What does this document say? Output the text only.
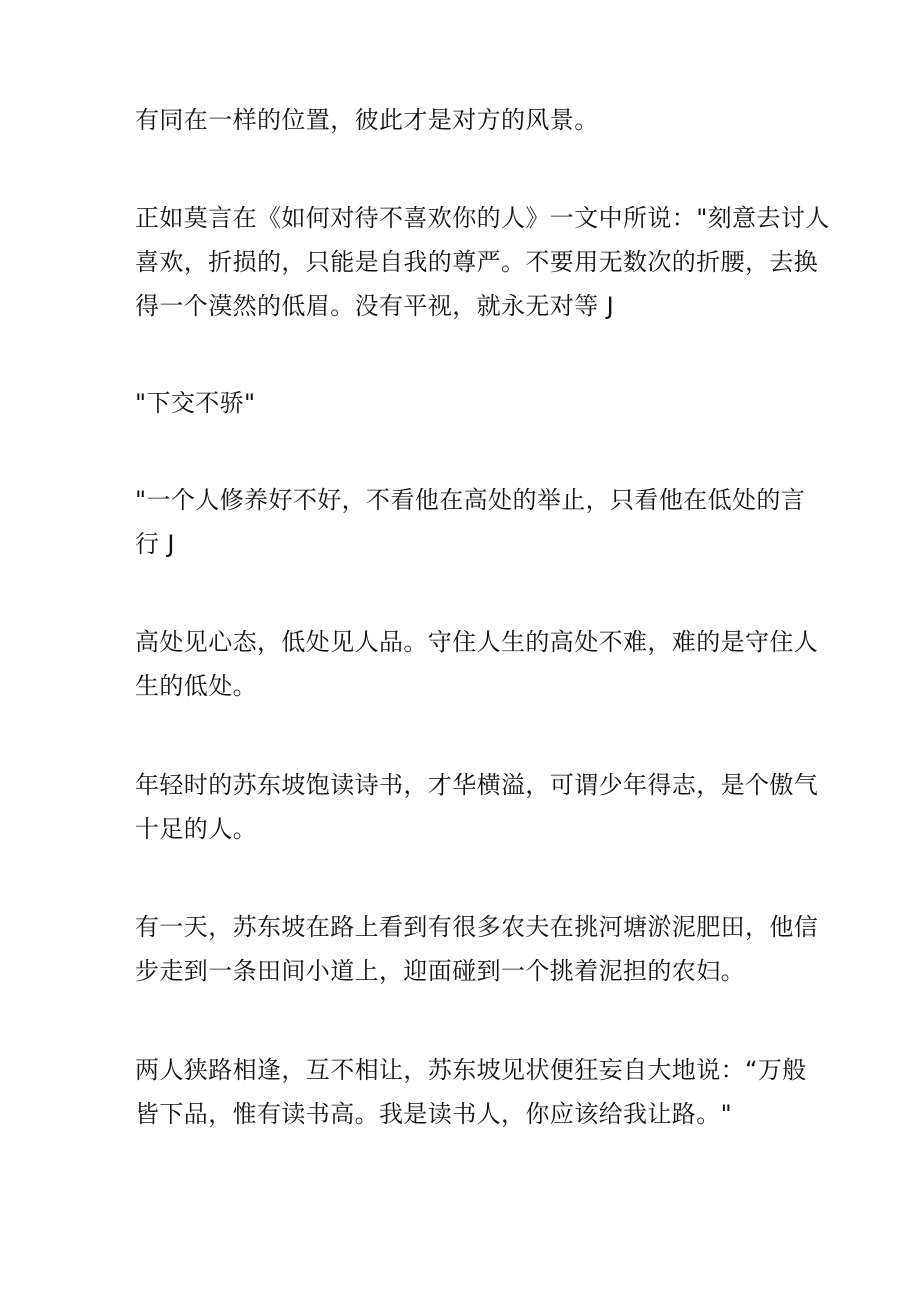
有同在一样的位置，彼此才是对方的风景。

正如莫言在《如何对待不喜欢你的人》一文中所说："刻意去讨人
喜欢，折损的，只能是自我的尊严。不要用无数次的折腰，去换
得一个漠然的低眉。没有平视，就永无对等 J

"下交不骄"

"一个人修养好不好，不看他在高处的举止，只看他在低处的言
行 J

高处见心态，低处见人品。守住人生的高处不难，难的是守住人
生的低处。

年轻时的苏东坡饱读诗书，才华横溢，可谓少年得志，是个傲气
十足的人。

有一天，苏东坡在路上看到有很多农夫在挑河塘淤泥肥田，他信
步走到一条田间小道上，迎面碰到一个挑着泥担的农妇。

两人狭路相逢，互不相让，苏东坡见状便狂妄自大地说：“万般
皆下品，惟有读书高。我是读书人，你应该给我让路。"
